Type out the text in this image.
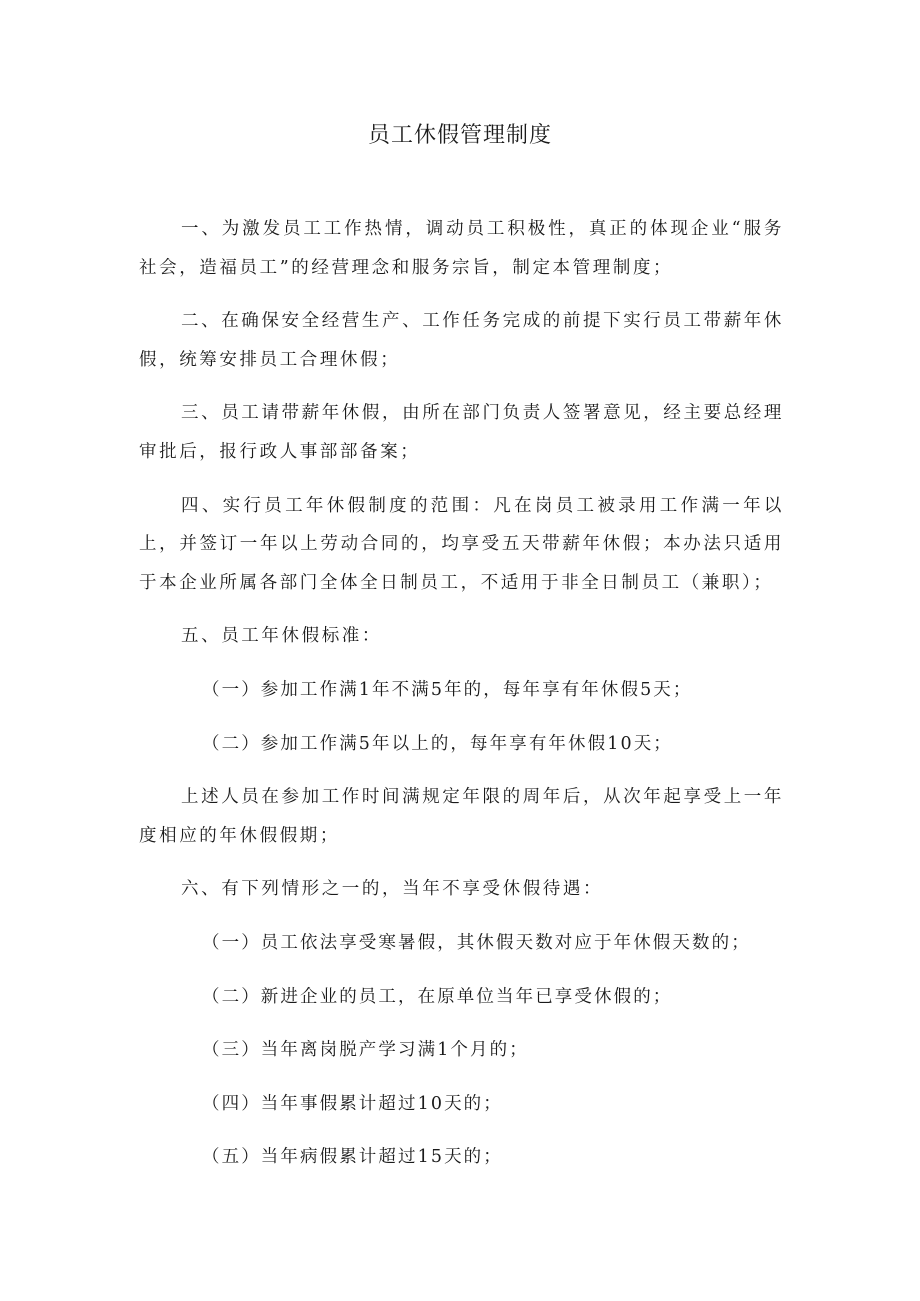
员工休假管理制度

一、为激发员工工作热情，调动员工积极性，真正的体现企业“服务社会，造福员工”的经营理念和服务宗旨，制定本管理制度；

二、在确保安全经营生产、工作任务完成的前提下实行员工带薪年休假，统筹安排员工合理休假；

三、员工请带薪年休假，由所在部门负责人签署意见，经主要总经理审批后，报行政人事部部备案；

四、实行员工年休假制度的范围：凡在岗员工被录用工作满一年以上，并签订一年以上劳动合同的，均享受五天带薪年休假；本办法只适用于本企业所属各部门全体全日制员工，不适用于非全日制员工（兼职）；

五、员工年休假标准：

（一）参加工作满1年不满5年的，每年享有年休假5天；

（二）参加工作满5年以上的，每年享有年休假10天；

上述人员在参加工作时间满规定年限的周年后，从次年起享受上一年度相应的年休假假期；

六、有下列情形之一的，当年不享受休假待遇：

（一）员工依法享受寒暑假，其休假天数对应于年休假天数的；

（二）新进企业的员工，在原单位当年已享受休假的；

（三）当年离岗脱产学习满1个月的；

（四）当年事假累计超过10天的；

（五）当年病假累计超过15天的；
